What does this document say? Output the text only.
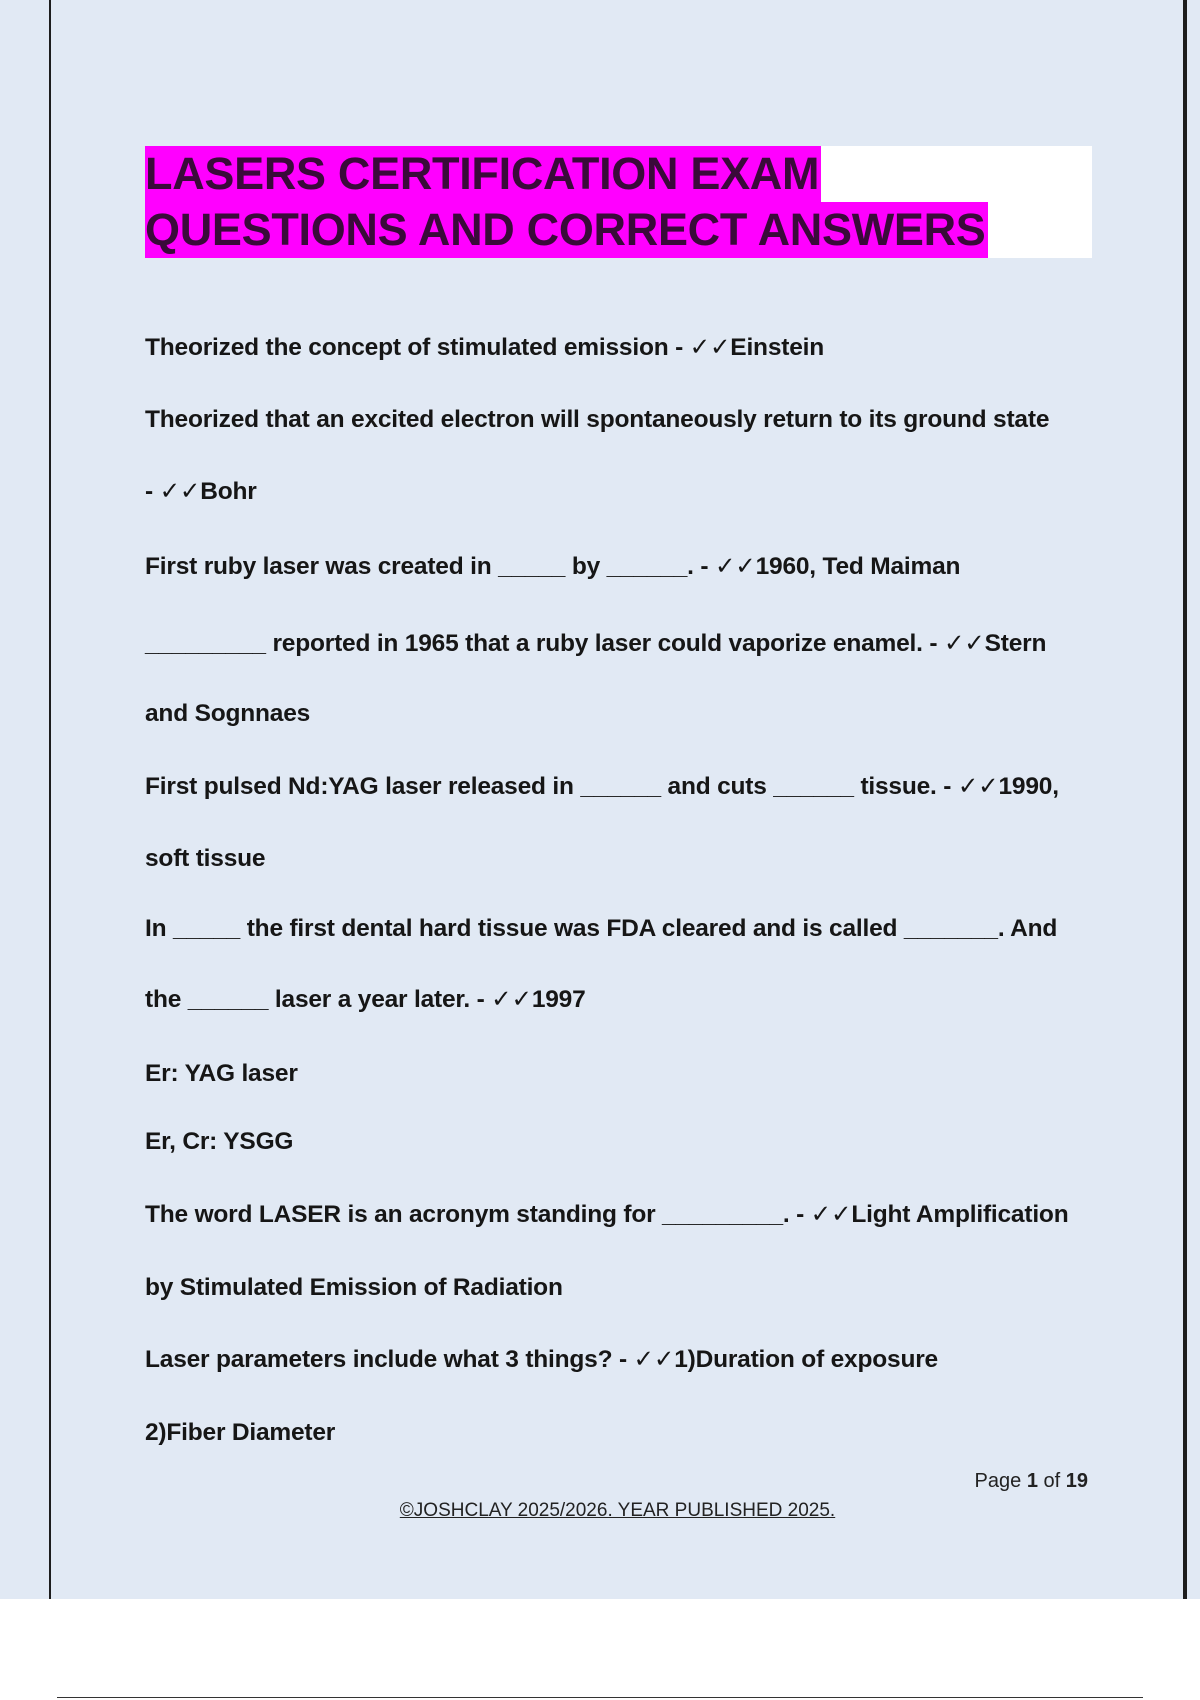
LASERS CERTIFICATION EXAM
QUESTIONS AND CORRECT ANSWERS

Theorized the concept of stimulated emission - ✓✓Einstein

Theorized that an excited electron will spontaneously return to its ground state

- ✓✓Bohr

First ruby laser was created in _____ by ______. - ✓✓1960, Ted Maiman

_________ reported in 1965 that a ruby laser could vaporize enamel. - ✓✓Stern

and Sognnaes

First pulsed Nd:YAG laser released in ______ and cuts ______ tissue. - ✓✓1990,

soft tissue

In _____ the first dental hard tissue was FDA cleared and is called _______. And

the ______ laser a year later. - ✓✓1997

Er: YAG laser

Er, Cr: YSGG

The word LASER is an acronym standing for _________. - ✓✓Light Amplification

by Stimulated Emission of Radiation

Laser parameters include what 3 things? - ✓✓1)Duration of exposure

2)Fiber Diameter

Page 1 of 19
©JOSHCLAY 2025/2026. YEAR PUBLISHED 2025.
